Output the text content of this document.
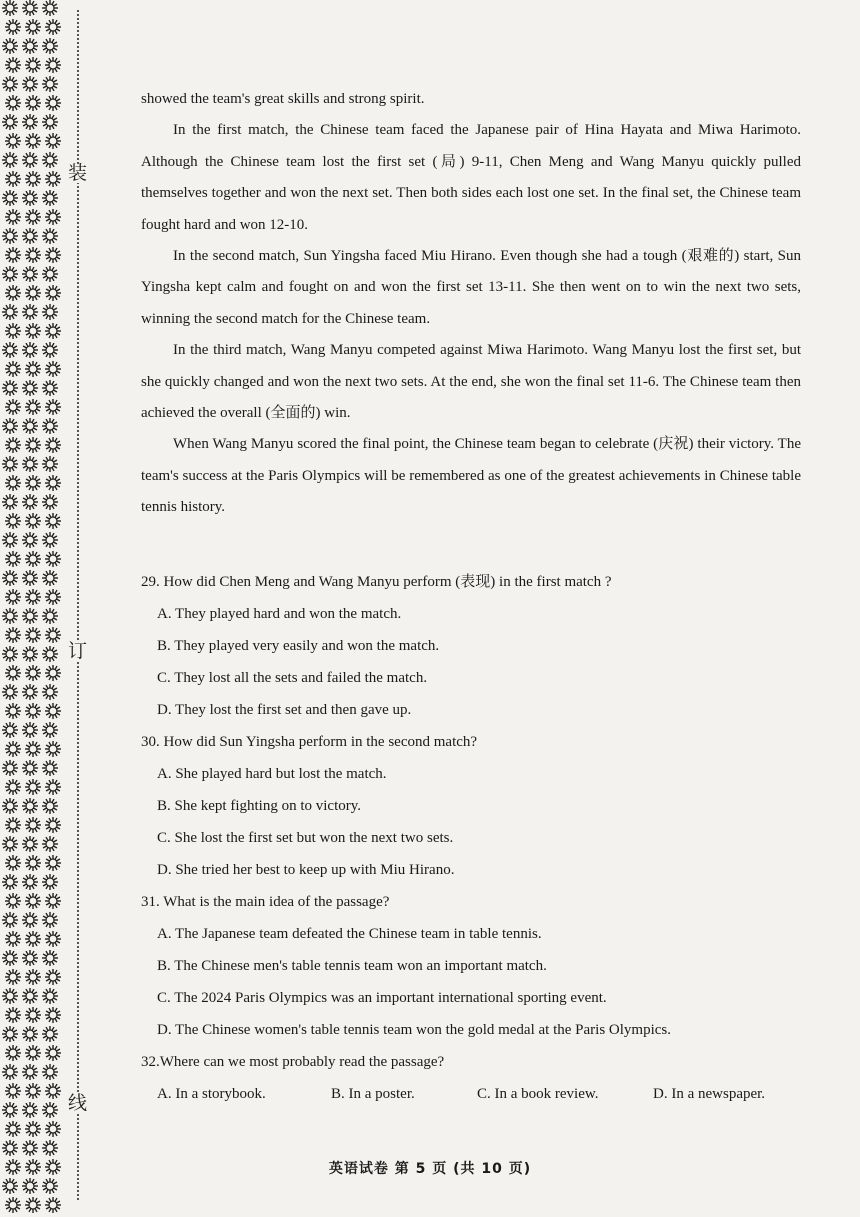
装
订
线

showed the team's great skills and strong spirit.

In the first match, the Chinese team faced the Japanese pair of Hina Hayata and Miwa Harimoto. Although the Chinese team lost the first set (局) 9-11, Chen Meng and Wang Manyu quickly pulled themselves together and won the next set. Then both sides each lost one set. In the final set, the Chinese team fought hard and won 12-10.

In the second match, Sun Yingsha faced Miu Hirano. Even though she had a tough (艰难的) start, Sun Yingsha kept calm and fought on and won the first set 13-11. She then went on to win the next two sets, winning the second match for the Chinese team.

In the third match, Wang Manyu competed against Miwa Harimoto. Wang Manyu lost the first set, but she quickly changed and won the next two sets. At the end, she won the final set 11-6. The Chinese team then achieved the overall (全面的) win.

When Wang Manyu scored the final point, the Chinese team began to celebrate (庆祝) their victory. The team's success at the Paris Olympics will be remembered as one of the greatest achievements in Chinese table tennis history.

29. How did Chen Meng and Wang Manyu perform (表现) in the first match ?
A. They played hard and won the match.
B. They played very easily and won the match.
C. They lost all the sets and failed the match.
D. They lost the first set and then gave up.
30. How did Sun Yingsha perform in the second match?
A. She played hard but lost the match.
B. She kept fighting on to victory.
C. She lost the first set but won the next two sets.
D. She tried her best to keep up with Miu Hirano.
31. What is the main idea of the passage?
A. The Japanese team defeated the Chinese team in table tennis.
B. The Chinese men's table tennis team won an important match.
C. The 2024 Paris Olympics was an important international sporting event.
D. The Chinese women's table tennis team won the gold medal at the Paris Olympics.
32.Where can we most probably read the passage?
A. In a storybook.	B. In a poster.	C. In a book review.	D. In a newspaper.
英语试卷 第 5 页 (共 10 页)
